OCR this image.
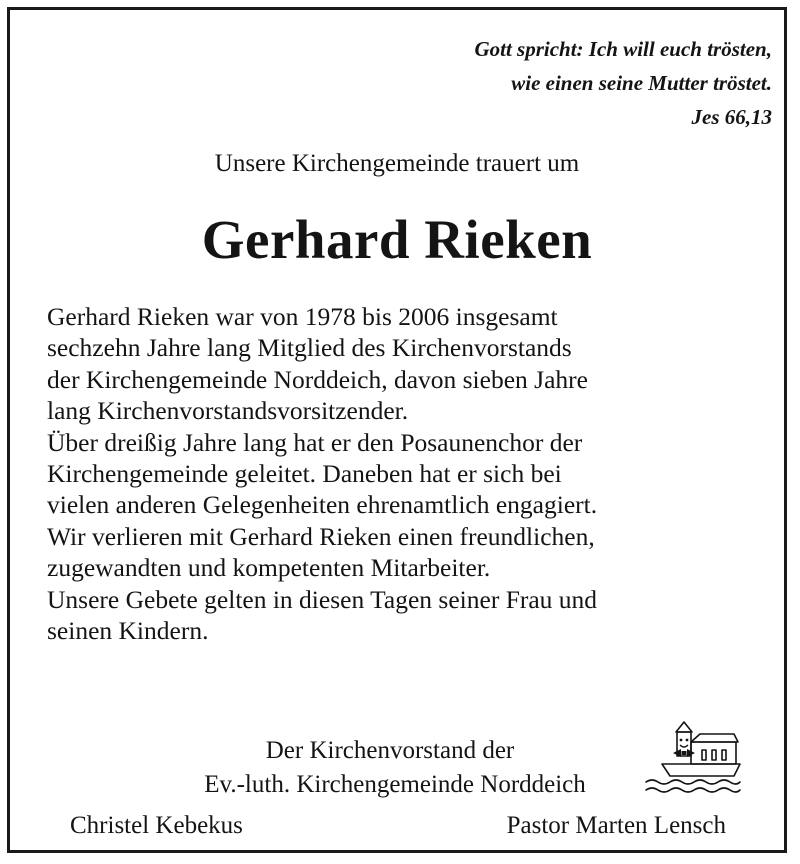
Gott spricht: Ich will euch trösten,
wie einen seine Mutter tröstet.
Jes 66,13
Unsere Kirchengemeinde trauert um
Gerhard Rieken
Gerhard Rieken war von 1978 bis 2006 insgesamt
sechzehn Jahre lang Mitglied des Kirchenvorstands
der Kirchengemeinde Norddeich, davon sieben Jahre
lang Kirchenvorstandsvorsitzender.
Über dreißig Jahre lang hat er den Posaunenchor der
Kirchengemeinde geleitet. Daneben hat er sich bei
vielen anderen Gelegenheiten ehrenamtlich engagiert.
Wir verlieren mit Gerhard Rieken einen freundlichen,
zugewandten und kompetenten Mitarbeiter.
Unsere Gebete gelten in diesen Tagen seiner Frau und
seinen Kindern.
Der Kirchenvorstand der
Ev.-luth. Kirchengemeinde Norddeich
Christel Kebekus	Pastor Marten Lensch
